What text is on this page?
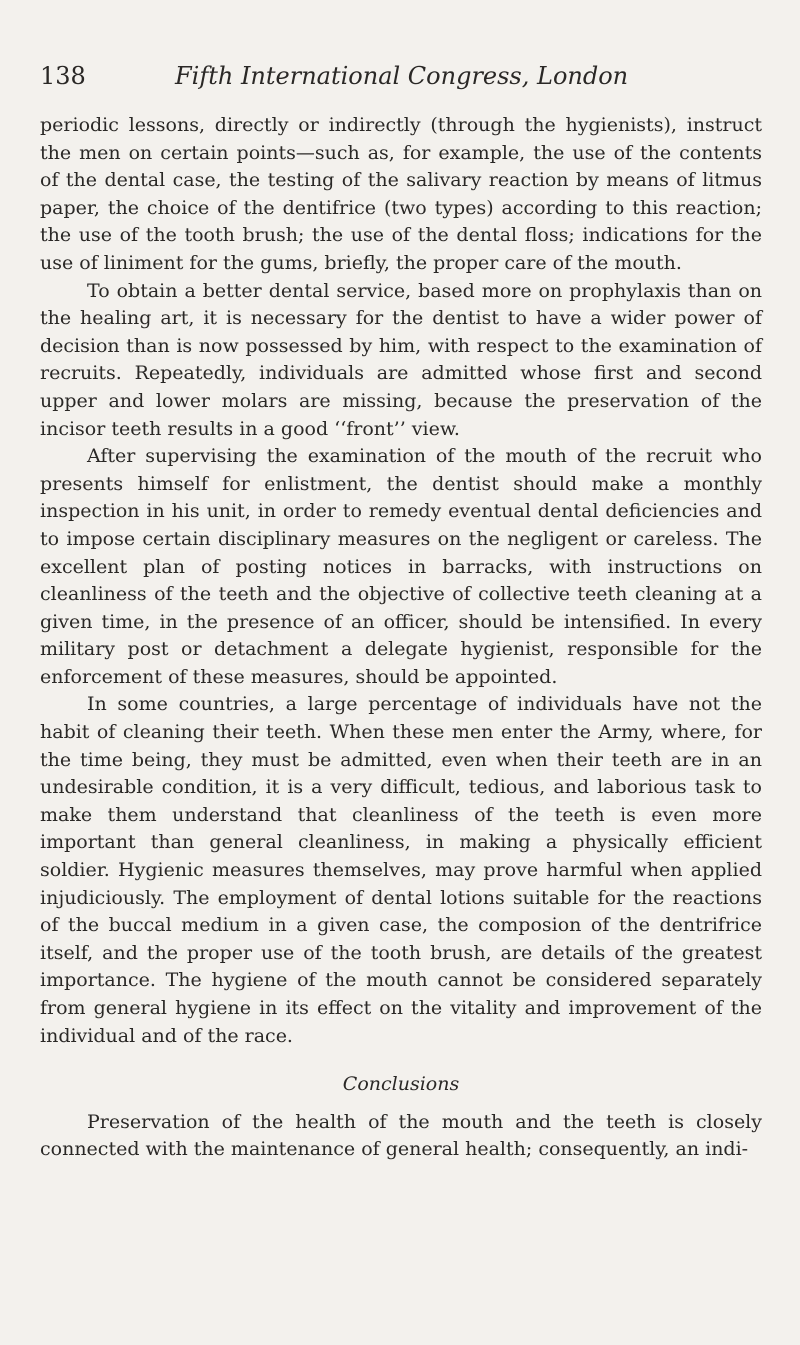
138	Fifth International Congress, London

periodic lessons, directly or indirectly (through the hygienists), instruct the men on certain points—such as, for example, the use of the contents of the dental case, the testing of the salivary reaction by means of litmus paper, the choice of the dentifrice (two types) according to this reaction; the use of the tooth brush; the use of the dental floss; indications for the use of liniment for the gums, briefly, the proper care of the mouth.

To obtain a better dental service, based more on prophylaxis than on the healing art, it is necessary for the dentist to have a wider power of decision than is now possessed by him, with respect to the examination of recruits. Repeatedly, individuals are admitted whose first and second upper and lower molars are missing, because the preservation of the incisor teeth results in a good ‘‘front’’ view.

After supervising the examination of the mouth of the recruit who presents himself for enlistment, the dentist should make a monthly inspection in his unit, in order to remedy eventual dental deficiencies and to impose certain disciplinary measures on the negligent or careless. The excellent plan of posting notices in barracks, with instructions on cleanliness of the teeth and the objective of collective teeth cleaning at a given time, in the presence of an officer, should be intensified. In every military post or detachment a delegate hygienist, responsible for the enforcement of these measures, should be appointed.

In some countries, a large percentage of individuals have not the habit of cleaning their teeth. When these men enter the Army, where, for the time being, they must be admitted, even when their teeth are in an undesirable condition, it is a very difficult, tedious, and laborious task to make them understand that cleanliness of the teeth is even more important than general cleanliness, in making a physically efficient soldier. Hygienic measures themselves, may prove harmful when applied injudiciously. The employment of dental lotions suitable for the reactions of the buccal medium in a given case, the composion of the dentrifrice itself, and the proper use of the tooth brush, are details of the greatest importance. The hygiene of the mouth cannot be considered separately from general hygiene in its effect on the vitality and improvement of the individual and of the race.

Conclusions

Preservation of the health of the mouth and the teeth is closely connected with the maintenance of general health; consequently, an indi-
